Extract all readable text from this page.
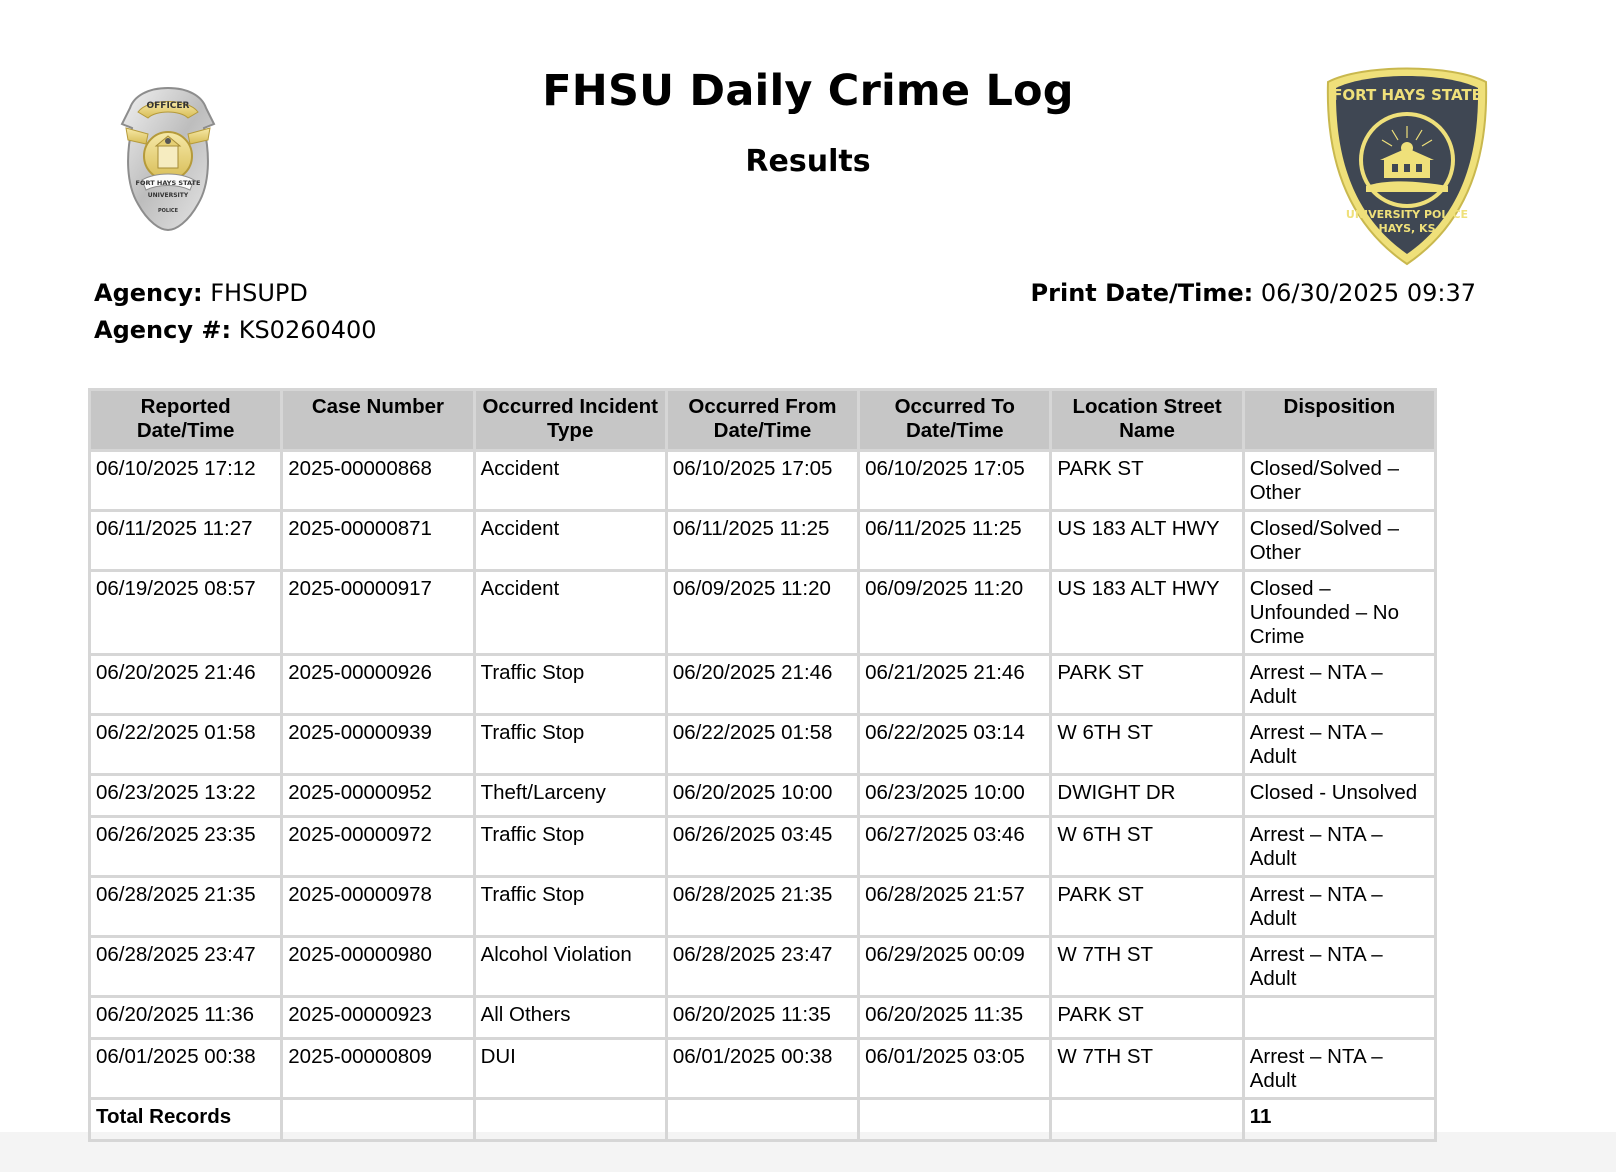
OFFICER
FORT HAYS STATE
UNIVERSITY
POLICE
FORT HAYS STATE
UNIVERSITY POLICE
HAYS, KS
FHSU Daily Crime Log
Results
Agency: FHSUPD
Agency #: KS0260400
Print Date/Time: 06/30/2025 09:37
Reported Date/Time	Case Number	Occurred Incident Type	Occurred From Date/Time	Occurred To Date/Time	Location Street Name	Disposition
06/10/2025 17:12	2025-00000868	Accident	06/10/2025 17:05	06/10/2025 17:05	PARK ST	Closed/Solved – Other
06/11/2025 11:27	2025-00000871	Accident	06/11/2025 11:25	06/11/2025 11:25	US 183 ALT HWY	Closed/Solved – Other
06/19/2025 08:57	2025-00000917	Accident	06/09/2025 11:20	06/09/2025 11:20	US 183 ALT HWY	Closed – Unfounded – No Crime
06/20/2025 21:46	2025-00000926	Traffic Stop	06/20/2025 21:46	06/21/2025 21:46	PARK ST	Arrest – NTA – Adult
06/22/2025 01:58	2025-00000939	Traffic Stop	06/22/2025 01:58	06/22/2025 03:14	W 6TH ST	Arrest – NTA – Adult
06/23/2025 13:22	2025-00000952	Theft/Larceny	06/20/2025 10:00	06/23/2025 10:00	DWIGHT DR	Closed - Unsolved
06/26/2025 23:35	2025-00000972	Traffic Stop	06/26/2025 03:45	06/27/2025 03:46	W 6TH ST	Arrest – NTA – Adult
06/28/2025 21:35	2025-00000978	Traffic Stop	06/28/2025 21:35	06/28/2025 21:57	PARK ST	Arrest – NTA – Adult
06/28/2025 23:47	2025-00000980	Alcohol Violation	06/28/2025 23:47	06/29/2025 00:09	W 7TH ST	Arrest – NTA – Adult
06/20/2025 11:36	2025-00000923	All Others	06/20/2025 11:35	06/20/2025 11:35	PARK ST	
06/01/2025 00:38	2025-00000809	DUI	06/01/2025 00:38	06/01/2025 03:05	W 7TH ST	Arrest – NTA – Adult
Total Records						11
